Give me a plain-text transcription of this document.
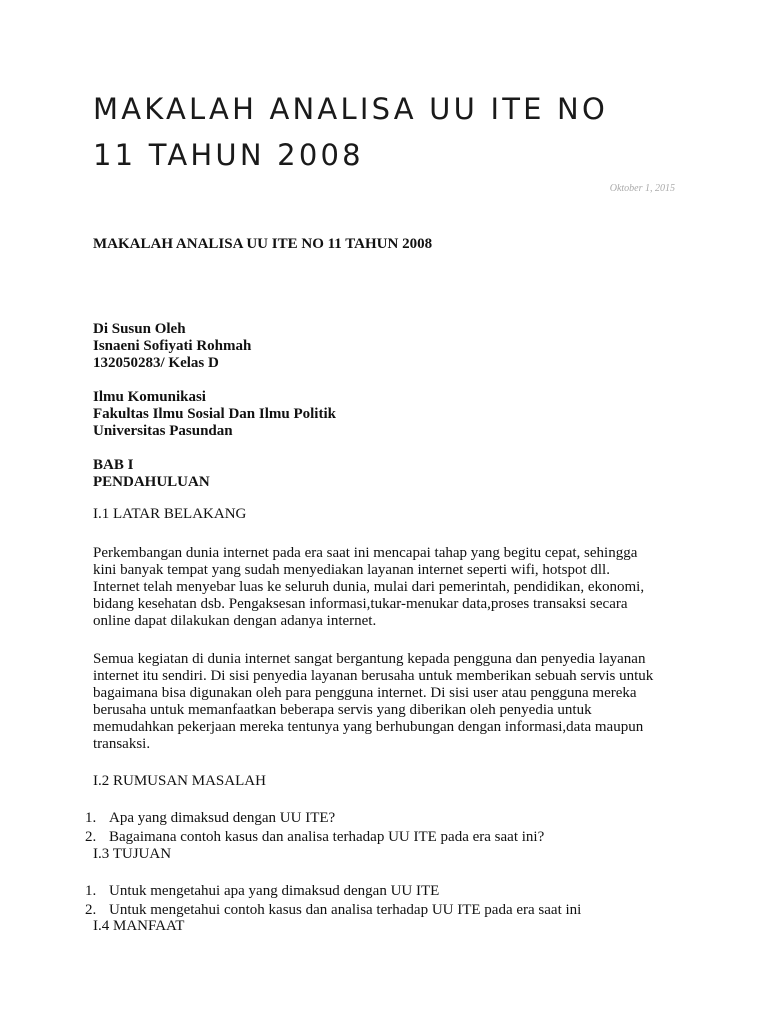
MAKALAH ANALISA UU ITE NO
11 TAHUN 2008
Oktober 1, 2015
MAKALAH ANALISA UU ITE NO 11 TAHUN 2008
Di Susun Oleh
Isnaeni Sofiyati Rohmah
132050283/ Kelas D
Ilmu Komunikasi
Fakultas Ilmu Sosial Dan Ilmu Politik
Universitas Pasundan
BAB I
PENDAHULUAN
I.1 LATAR BELAKANG

Perkembangan dunia internet pada era saat ini mencapai tahap yang begitu cepat, sehingga
kini banyak tempat yang sudah menyediakan layanan internet seperti wifi, hotspot dll.
Internet telah menyebar luas ke seluruh dunia, mulai dari pemerintah, pendidikan, ekonomi,
bidang kesehatan dsb. Pengaksesan informasi,tukar-menukar data,proses transaksi secara
online dapat dilakukan dengan adanya internet.

Semua kegiatan di dunia internet sangat bergantung kepada pengguna dan penyedia layanan
internet itu sendiri. Di sisi penyedia layanan berusaha untuk memberikan sebuah servis untuk
bagaimana bisa digunakan oleh para pengguna internet. Di sisi user atau pengguna mereka
berusaha untuk memanfaatkan beberapa servis yang diberikan oleh penyedia untuk
memudahkan pekerjaan mereka tentunya yang berhubungan dengan informasi,data maupun
transaksi.

I.2 RUMUSAN MASALAH
1. Apa yang dimaksud dengan UU ITE?
2. Bagaimana contoh kasus dan analisa terhadap UU ITE pada era saat ini?
I.3 TUJUAN
1. Untuk mengetahui apa yang dimaksud dengan UU ITE
2. Untuk mengetahui contoh kasus dan analisa terhadap UU ITE pada era saat ini
I.4 MANFAAT
